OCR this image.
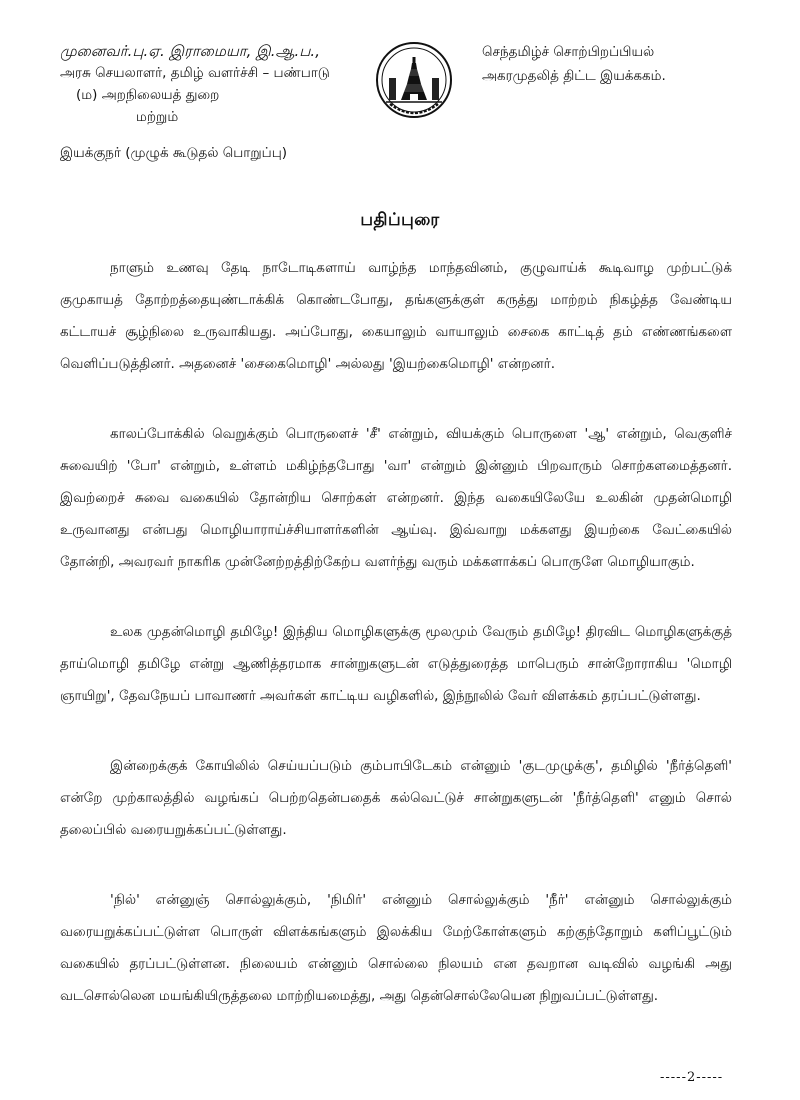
முனைவர்.பு.ஏ. இராமையா, இ.ஆ.ப.,
அரசு செயலாளர், தமிழ் வளர்ச்சி – பண்பாடு
(ம) அறநிலையத் துறை
மற்றும்
இயக்குநர் (முழுக் கூடுதல் பொறுப்பு)
செந்தமிழ்ச் சொற்பிறப்பியல்
அகரமுதலித் திட்ட இயக்ககம்.
பதிப்புரை

நாளும் உணவு தேடி நாடோடிகளாய் வாழ்ந்த மாந்தவினம், குழுவாய்க் கூடிவாழ முற்பட்டுக் குமுகாயத் தோற்றத்தையுண்டாக்கிக் கொண்டபோது, தங்களுக்குள் கருத்து மாற்றம் நிகழ்த்த வேண்டிய கட்டாயச் சூழ்நிலை உருவாகியது. அப்போது, கையாலும் வாயாலும் சைகை காட்டித் தம் எண்ணங்களை வெளிப்படுத்தினர். அதனைச் 'சைகைமொழி' அல்லது 'இயற்கைமொழி' என்றனர்.

காலப்போக்கில் வெறுக்கும் பொருளைச் 'சீ' என்றும், வியக்கும் பொருளை 'ஆ' என்றும், வெகுளிச் சுவையிற் 'போ' என்றும், உள்ளம் மகிழ்ந்தபோது 'வா' என்றும் இன்னும் பிறவாரும் சொற்களமைத்தனர். இவற்றைச் சுவை வகையில் தோன்றிய சொற்கள் என்றனர். இந்த வகையிலேயே உலகின் முதன்மொழி உருவானது என்பது மொழியாராய்ச்சியாளர்களின் ஆய்வு. இவ்வாறு மக்களது இயற்கை வேட்கையில் தோன்றி, அவரவர் நாகரிக முன்னேற்றத்திற்கேற்ப வளர்ந்து வரும் மக்களாக்கப் பொருளே மொழியாகும்.

உலக முதன்மொழி தமிழே! இந்திய மொழிகளுக்கு மூலமும் வேரும் தமிழே! திரவிட மொழிகளுக்குத் தாய்மொழி தமிழே என்று ஆணித்தரமாக சான்றுகளுடன் எடுத்துரைத்த மாபெரும் சான்றோராகிய 'மொழி ஞாயிறு', தேவநேயப் பாவாணர் அவர்கள் காட்டிய வழிகளில், இந்நூலில் வேர் விளக்கம் தரப்பட்டுள்ளது.

இன்றைக்குக் கோயிலில் செய்யப்படும் கும்பாபிடேகம் என்னும் 'குடமுழுக்கு', தமிழில் 'நீர்த்தெளி' என்றே முற்காலத்தில் வழங்கப் பெற்றதென்பதைக் கல்வெட்டுச் சான்றுகளுடன் 'நீர்த்தெளி' எனும் சொல் தலைப்பில் வரையறுக்கப்பட்டுள்ளது.

'நில்' என்னுஞ் சொல்லுக்கும், 'நிமிர்' என்னும் சொல்லுக்கும் 'நீர்' என்னும் சொல்லுக்கும் வரையறுக்கப்பட்டுள்ள பொருள் விளக்கங்களும் இலக்கிய மேற்கோள்களும் கற்குந்தோறும் களிப்பூட்டும் வகையில் தரப்பட்டுள்ளன. நிலையம் என்னும் சொல்லை நிலயம் என தவறான வடிவில் வழங்கி அது வடசொல்லென மயங்கியிருத்தலை மாற்றியமைத்து, அது தென்சொல்லேயென நிறுவப்பட்டுள்ளது.

-----2-----
